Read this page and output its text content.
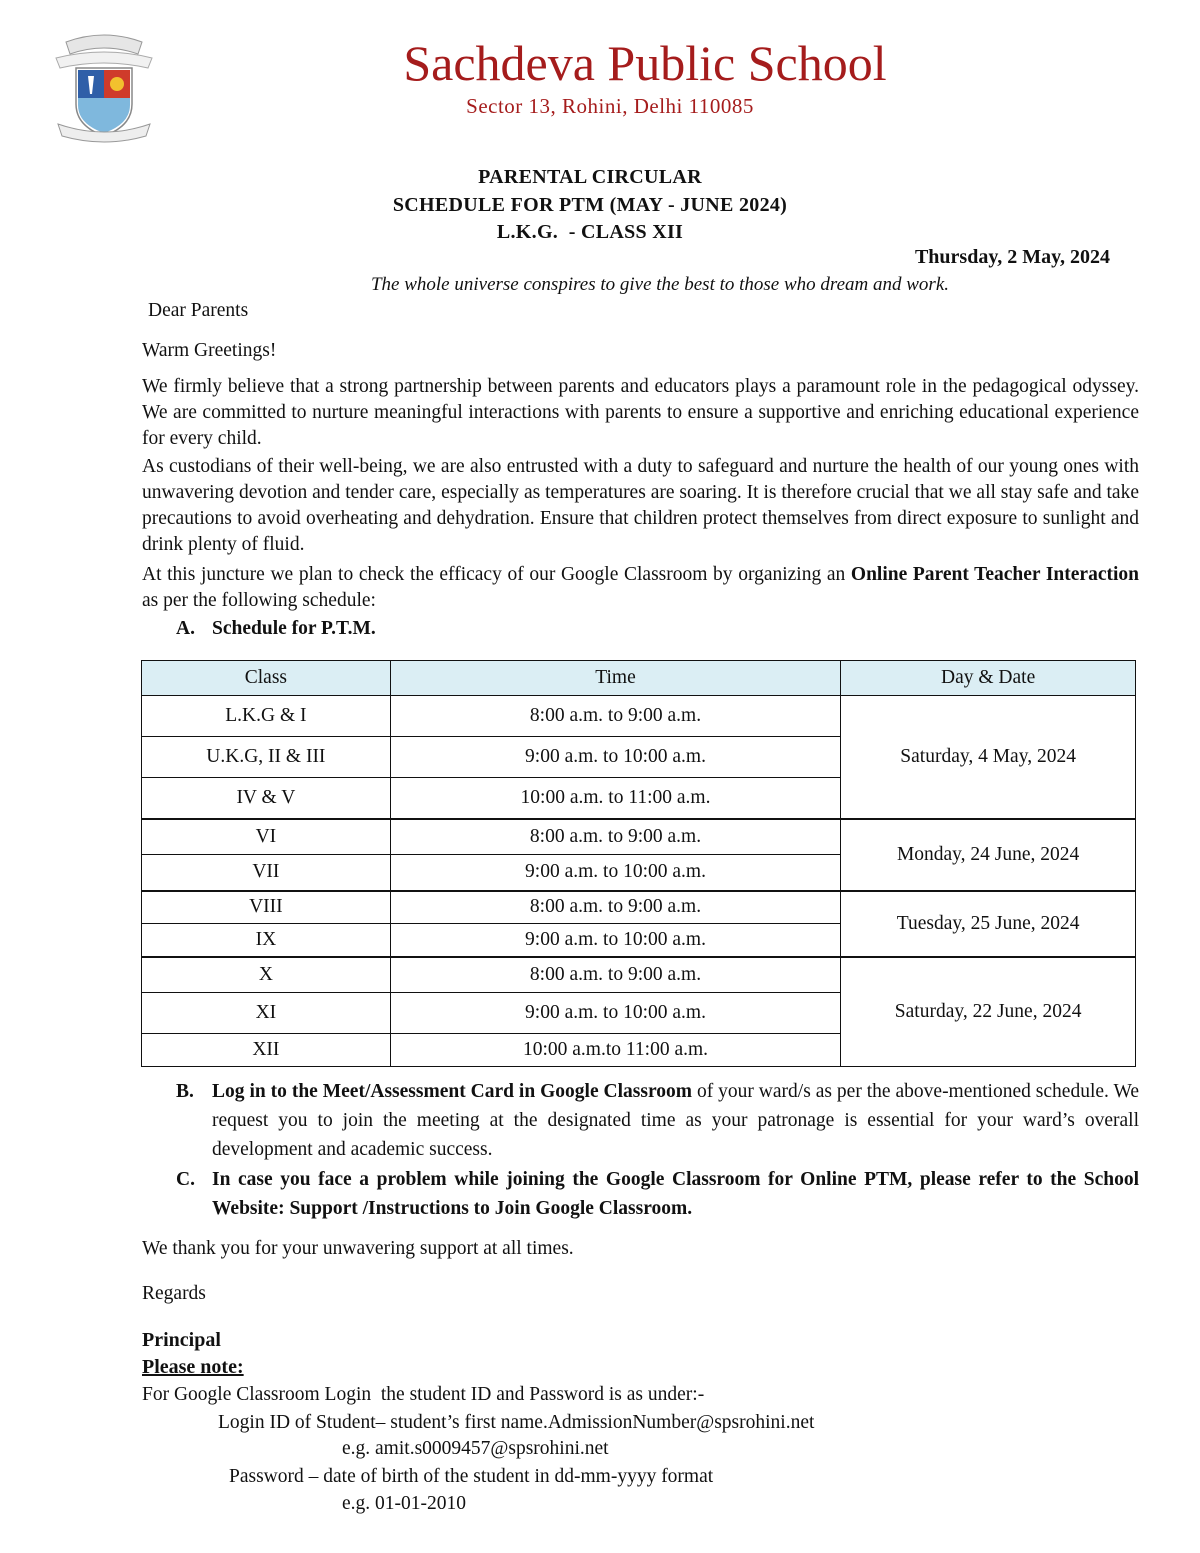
Sachdeva Public School
Sector 13, Rohini, Delhi 110085
PARENTAL CIRCULAR
SCHEDULE FOR PTM (MAY - JUNE 2024)
L.K.G.  - CLASS XII
Thursday, 2 May, 2024
The whole universe conspires to give the best to those who dream and work.
Dear Parents
Warm Greetings!
We firmly believe that a strong partnership between parents and educators plays a paramount role in the pedagogical odyssey. We are committed to nurture meaningful interactions with parents to ensure a supportive and enriching educational experience for every child.
As custodians of their well-being, we are also entrusted with a duty to safeguard and nurture the health of our young ones with unwavering devotion and tender care, especially as temperatures are soaring. It is therefore crucial that we all stay safe and take precautions to avoid overheating and dehydration. Ensure that children protect themselves from direct exposure to sunlight and drink plenty of fluid.
At this juncture we plan to check the efficacy of our Google Classroom by organizing an Online Parent Teacher Interaction as per the following schedule:
A. Schedule for P.T.M.
Class	Time	Day & Date
L.K.G & I	8:00 a.m. to 9:00 a.m.	Saturday, 4 May, 2024
U.K.G, II & III	9:00 a.m. to 10:00 a.m.	
IV & V	10:00 a.m. to 11:00 a.m.	
VI	8:00 a.m. to 9:00 a.m.	Monday, 24 June, 2024
VII	9:00 a.m. to 10:00 a.m.	
VIII	8:00 a.m. to 9:00 a.m.	Tuesday, 25 June, 2024
IX	9:00 a.m. to 10:00 a.m.	
X	8:00 a.m. to 9:00 a.m.	Saturday, 22 June, 2024
XI	9:00 a.m. to 10:00 a.m.	
XII	10:00 a.m.to 11:00 a.m.	
B. Log in to the Meet/Assessment Card in Google Classroom of your ward/s as per the above-mentioned schedule. We request you to join the meeting at the designated time as your patronage is essential for your ward’s overall development and academic success.
C. In case you face a problem while joining the Google Classroom for Online PTM, please refer to the School Website: Support /Instructions to Join Google Classroom.
We thank you for your unwavering support at all times.
Regards
Principal
Please note:
For Google Classroom Login  the student ID and Password is as under:-
Login ID of Student– student’s first name.AdmissionNumber@spsrohini.net
e.g. amit.s0009457@spsrohini.net
Password – date of birth of the student in dd-mm-yyyy format
e.g. 01-01-2010
